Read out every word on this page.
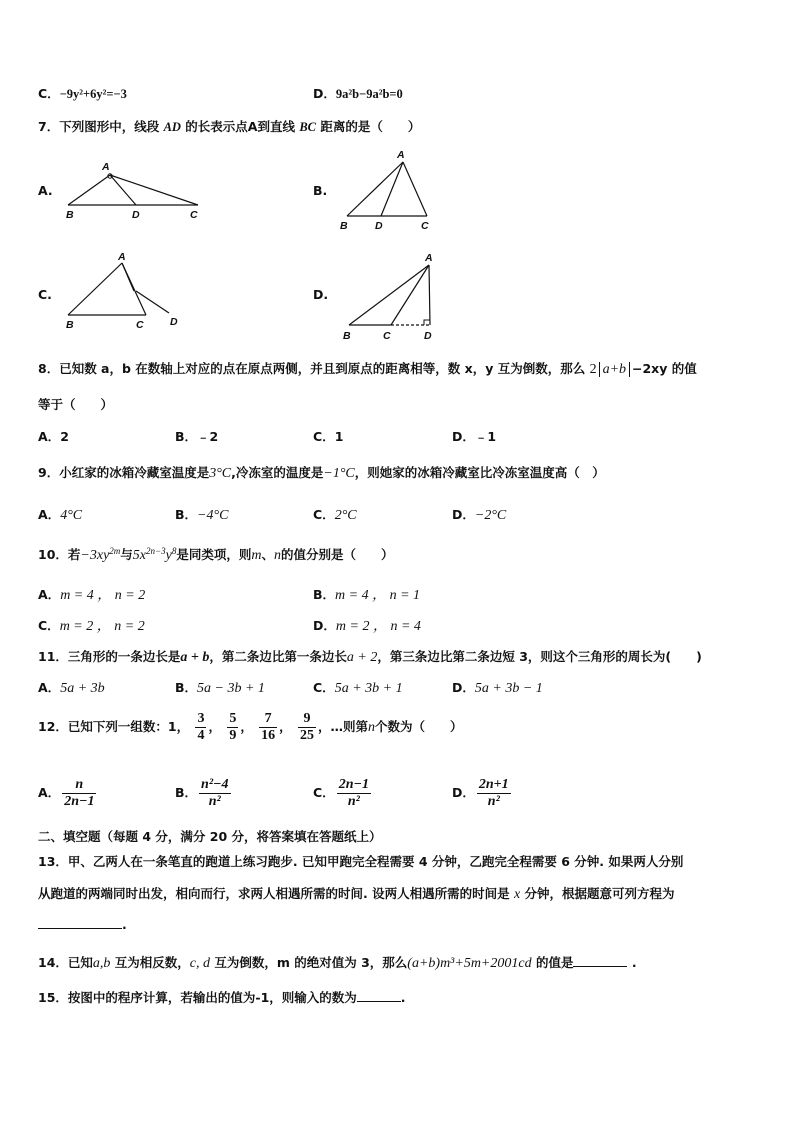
C．−9y²+6y²=−3	D．9a²b−9a²b=0
7．下列图形中，线段 AD 的长表示点A到直线 BC 距离的是（　　）
A.	B.
C.	D.
A
B	D	C
A
B	D	C
A
B	C	D
A
B	C	D
8．已知数 a，b 在数轴上对应的点在原点两侧，并且到原点的距离相等，数 x，y 互为倒数，那么 2 a+b −2xy 的值
等于（　　）
A．2	B．﹣2	C．1	D．﹣1
9．小红家的冰箱冷藏室温度是3°C,冷冻室的温度是−1°C，则她家的冰箱冷藏室比冷冻室温度高（　）
A．4°C	B．−4°C	C．2°C	D．−2°C
10．若$-3xy^{2m}$与$5x^{2n-3}y^8$是同类项，则m、n的值分别是（　　）
A．m = 4 ， n = 2	B．m = 4 ， n = 1
C．m = 2 ， n = 2	D．m = 2 ， n = 4
11．三角形的一条边长是a + b，第二条边比第一条边长a + 2，第三条边比第二条边短 3，则这个三角形的周长为(　　)
A．5a + 3b	B．5a − 3b + 1	C．5a + 3b + 1	D．5a + 3b − 1
12．已知下列一组数：1， $\frac{3}{4}$ ， $\frac{5}{9}$ ， $\frac{7}{16}$ ， $\frac{9}{25}$ ，…则第n个数为（　　）
A． $\frac{n}{2n-1}$	B． $\frac{\text{n²−4}}{\text{n²}}$	C． $\frac{2n-1}{\text{n²}}$	D． $\frac{2n+1}{\text{n²}}$
二、填空题（每题 4 分，满分 20 分，将答案填在答题纸上）
13．甲、乙两人在一条笔直的跑道上练习跑步. 已知甲跑完全程需要 4 分钟，乙跑完全程需要 6 分钟. 如果两人分别
从跑道的两端同时出发，相向而行，求两人相遇所需的时间. 设两人相遇所需的时间是 x 分钟，根据题意可列方程为
.
14．已知a,b 互为相反数，c, d 互为倒数，m 的绝对值为 3，那么(a+b)m³+5m+2001cd 的值是	.
15．按图中的程序计算，若输出的值为-1，则输入的数为	.
